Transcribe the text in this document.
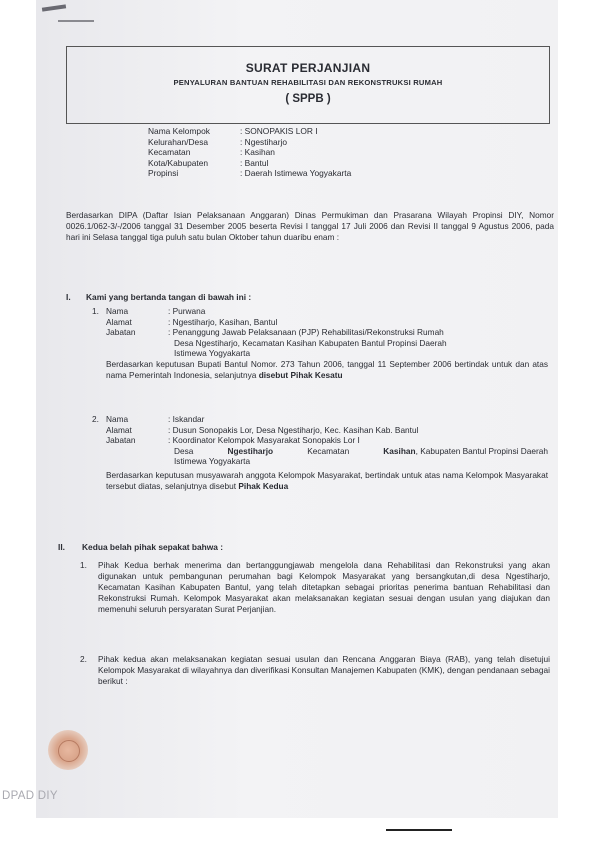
SURAT PERJANJIAN
PENYALURAN BANTUAN REHABILITASI DAN REKONSTRUKSI RUMAH
( SPPB )
Nama Kelompok	: SONOPAKIS LOR I
Kelurahan/Desa	: Ngestiharjo
Kecamatan	: Kasihan
Kota/Kabupaten	: Bantul
Propinsi	: Daerah Istimewa Yogyakarta
Berdasarkan DIPA (Daftar Isian Pelaksanaan Anggaran) Dinas Permukiman dan Prasarana Wilayah Propinsi DIY, Nomor 0026.1/062-3/-/2006 tanggal 31 Desember 2005 beserta Revisi I tanggal 17 Juli 2006 dan Revisi II tanggal 9 Agustus 2006, pada hari ini Selasa tanggal tiga puluh satu bulan Oktober tahun duaribu enam :
I. Kami yang bertanda tangan di bawah ini :
1. Nama	: Purwana
Alamat	: Ngestiharjo, Kasihan, Bantul
Jabatan	: Penanggung Jawab Pelaksanaan (PJP) Rehabilitasi/Rekonstruksi Rumah
Desa Ngestiharjo, Kecamatan Kasihan Kabupaten Bantul Propinsi Daerah
Istimewa Yogyakarta
Berdasarkan keputusan Bupati Bantul Nomor. 273 Tahun 2006, tanggal 11 September 2006 bertindak untuk dan atas nama Pemerintah Indonesia, selanjutnya disebut Pihak Kesatu
2. Nama	: Iskandar
Alamat	: Dusun Sonopakis Lor, Desa Ngestiharjo, Kec. Kasihan Kab. Bantul
Jabatan	: Koordinator Kelompok Masyarakat Sonopakis Lor I
Desa	Ngestiharjo	Kecamatan	Kasihan, Kabupaten Bantul Propinsi Daerah
Istimewa Yogyakarta
Berdasarkan keputusan musyawarah anggota Kelompok Masyarakat, bertindak untuk atas nama Kelompok Masyarakat tersebut diatas, selanjutnya disebut Pihak Kedua
II. Kedua belah pihak sepakat bahwa :
1.	Pihak Kedua berhak menerima dan bertanggungjawab mengelola dana Rehabilitasi dan Rekonstruksi yang akan digunakan untuk pembangunan perumahan bagi Kelompok Masyarakat yang bersangkutan,di desa Ngestiharjo, Kecamatan Kasihan Kabupaten Bantul, yang telah ditetapkan sebagai prioritas penerima bantuan Rehabilitasi dan Rekonstruksi Rumah. Kelompok Masyarakat akan melaksanakan kegiatan sesuai dengan usulan yang diajukan dan memenuhi seluruh persyaratan Surat Perjanjian.
2.	Pihak kedua akan melaksanakan kegiatan sesuai usulan dan Rencana Anggaran Biaya (RAB), yang telah disetujui Kelompok Masyarakat di wilayahnya dan diverifikasi Konsultan Manajemen Kabupaten (KMK), dengan pendanaan sebagai berikut :
DPAD DIY
